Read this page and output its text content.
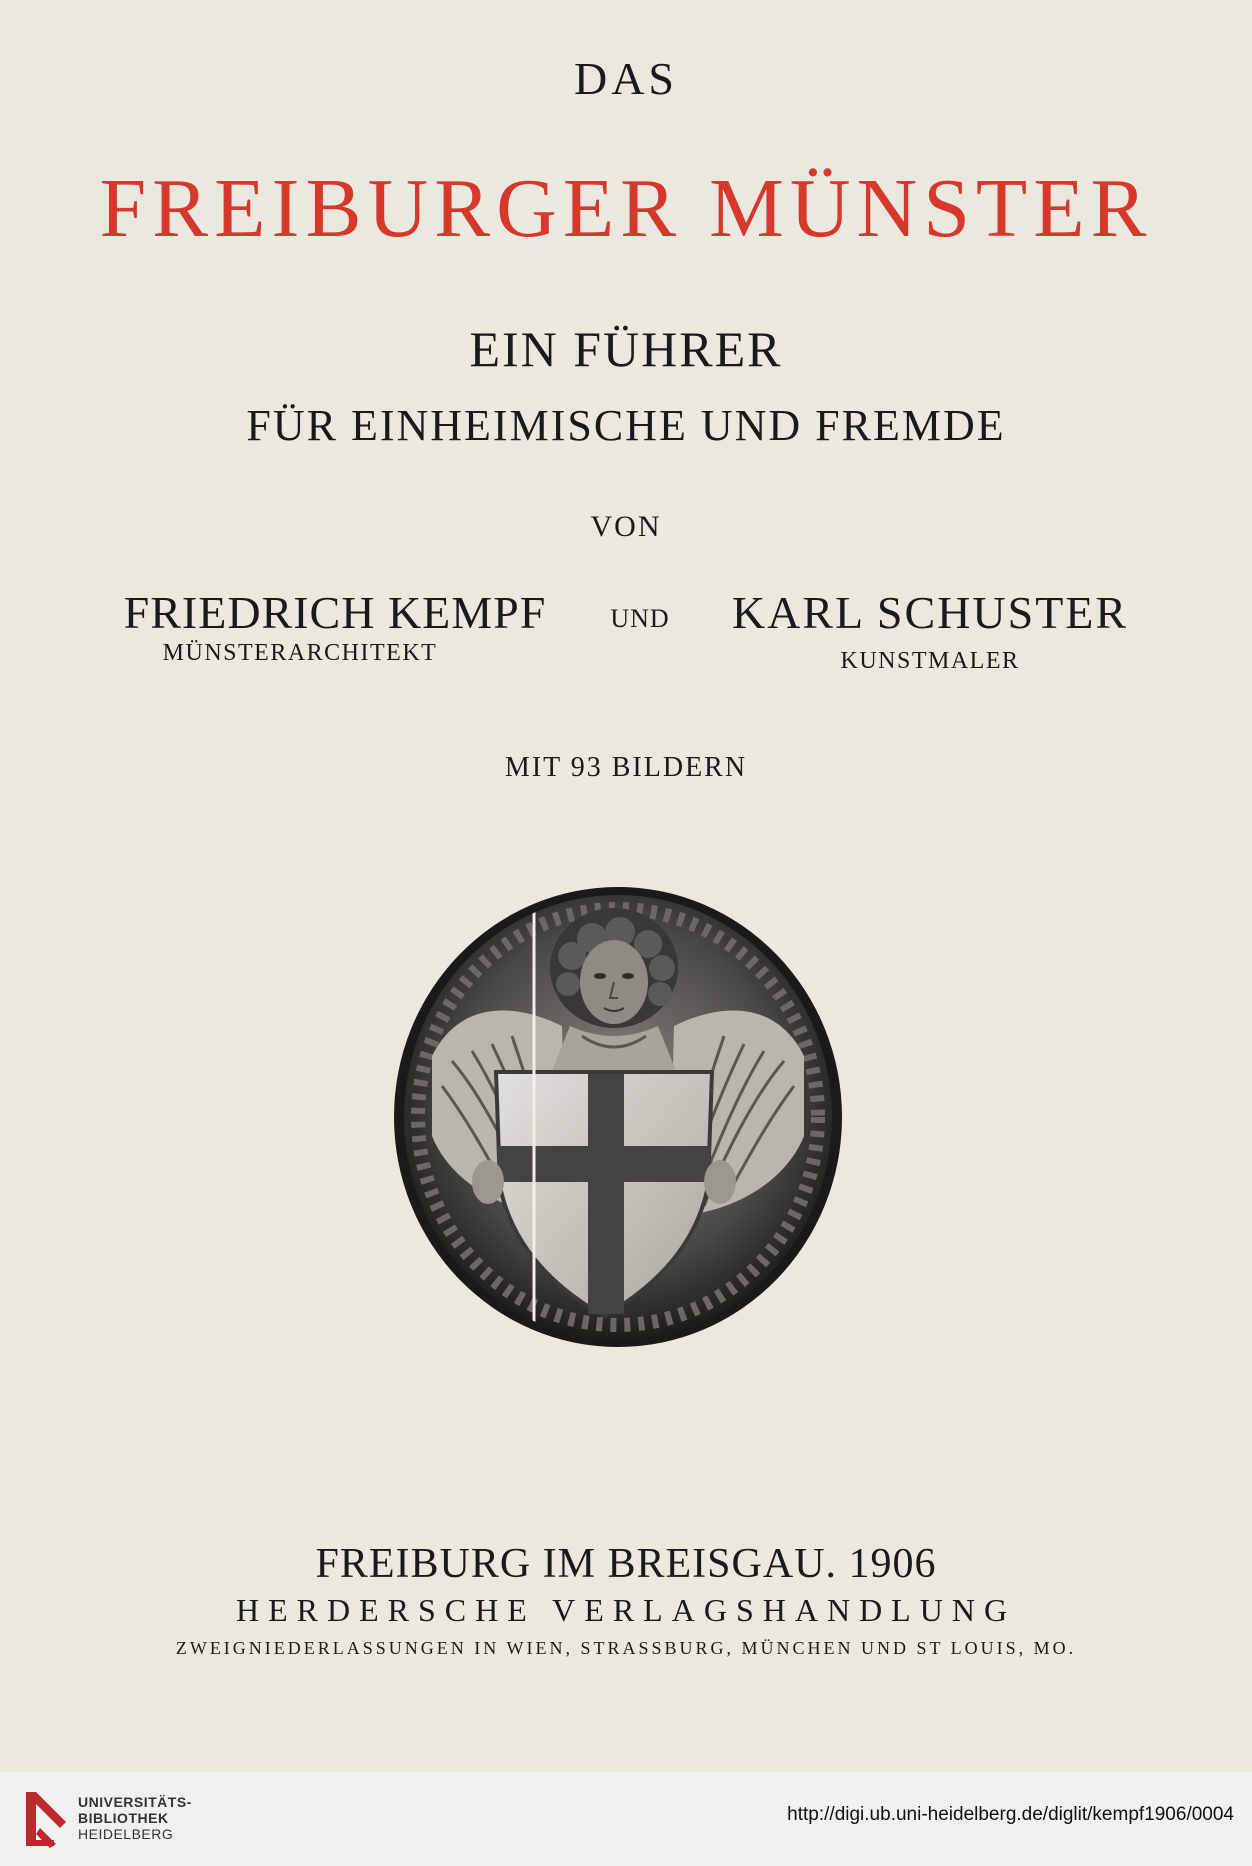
DAS
FREIBURGER MÜNSTER
EIN FÜHRER
FÜR EINHEIMISCHE UND FREMDE
VON
FRIEDRICH KEMPF
MÜNSTERARCHITEKT
UND KARL SCHUSTER
KUNSTMALER
MIT 93 BILDERN
FREIBURG IM BREISGAU. 1906
HERDERSCHE VERLAGSHANDLUNG
ZWEIGNIEDERLASSUNGEN IN WIEN, STRASSBURG, MÜNCHEN UND ST LOUIS, MO.
UNIVERSITÄTS-
BIBLIOTHEK
HEIDELBERG
http://digi.ub.uni-heidelberg.de/diglit/kempf1906/0004
